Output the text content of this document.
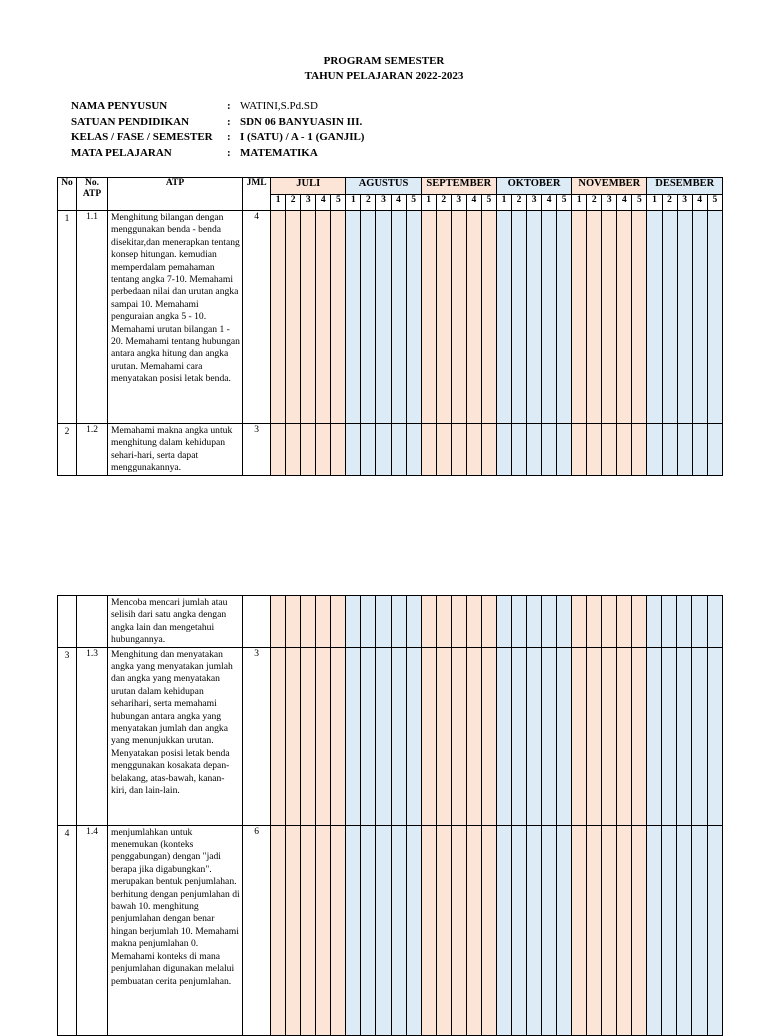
PROGRAM SEMESTER
TAHUN PELAJARAN 2022-2023
NAMA PENYUSUN	: WATINI,S.Pd.SD
SATUAN PENDIDIKAN	: SDN 06 BANYUASIN III.
KELAS / FASE / SEMESTER	: I (SATU) / A - 1 (GANJIL)
MATA PELAJARAN	: MATEMATIKA
No	No. ATP	ATP	JML	JULI					AGUSTUS					SEPTEMBER					OKTOBER					NOVEMBER					DESEMBER				
				1	2	3	4	5	1	2	3	4	5	1	2	3	4	5	1	2	3	4	5	1	2	3	4	5	1	2	3	4	5
1	1.1	Menghitung bilangan dengan menggunakan benda - benda disekitar,dan menerapkan tentang konsep hitungan. kemudian memperdalam pemahaman tentang angka 7-10. Memahami perbedaan nilai dan urutan angka sampai 10. Memahami penguraian angka 5 - 10. Memahami urutan bilangan 1 - 20. Memahami tentang hubungan antara angka hitung dan angka urutan. Memahami cara menyatakan posisi letak benda.	4																														
2	1.2	Memahami makna angka untuk menghitung dalam kehidupan sehari-hari, serta dapat menggunakannya.	3																														
		Mencoba mencari jumlah atau selisih dari satu angka dengan angka lain dan mengetahui hubungannya.																															
3	1.3	Menghitung dan menyatakan angka yang menyatakan jumlah dan angka yang menyatakan urutan dalam kehidupan seharihari, serta memahami hubungan antara angka yang menyatakan jumlah dan angka yang menunjukkan urutan. Menyatakan posisi letak benda menggunakan kosakata depan-belakang, atas-bawah, kanan-kiri, dan lain-lain.	3																														
4	1.4	menjumlahkan untuk menemukan (konteks penggabungan) dengan "jadi berapa jika digabungkan". merupakan bentuk penjumlahan. berhitung dengan penjumlahan di bawah 10. menghitung penjumlahan dengan benar hingan berjumlah 10. Memahami makna penjumlahan 0. Memahami konteks di mana penjumlahan digunakan melalui pembuatan cerita penjumlahan.	6																														
